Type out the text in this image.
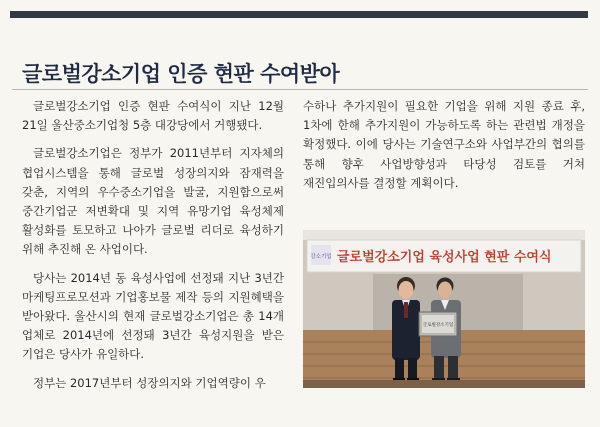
글로벌강소기업 인증 현판 수여받아

글로벌강소기업 인증 현판 수여식이 지난 12월 21일 울산중소기업청 5층 대강당에서 거행됐다.

글로벌강소기업은 정부가 2011년부터 지자체의 협업시스템을 통해 글로벌 성장의지와 잠재력을 갖춘, 지역의 우수중소기업을 발굴, 지원함으로써 중간기업군 저변확대 및 지역 유망기업 육성체제 활성화를 토모하고 나아가 글로벌 리더로 육성하기 위해 추진해 온 사업이다.

당사는 2014년 동 육성사업에 선정돼 지난 3년간 마케팅프로모션과 기업홍보물 제작 등의 지원혜택을 받아왔다. 울산시의 현재 글로벌강소기업은 총 14개 업체로 2014년에 선정돼 3년간 육성지원을 받은 기업은 당사가 유일하다.

정부는 2017년부터 성장의지와 기업역량이 우

수하나 추가지원이 필요한 기업을 위해 지원 종료 후, 1차에 한해 추가지원이 가능하도록 하는 관련법 개정을 확정했다. 이에 당사는 기술연구소와 사업부간의 협의를 통해 향후 사업방향성과 타당성 검토를 거쳐 재진입의사를 결정할 계획이다.

강소기업 글로벌강소기업 육성사업 현판 수여식
글로벌강소기업
